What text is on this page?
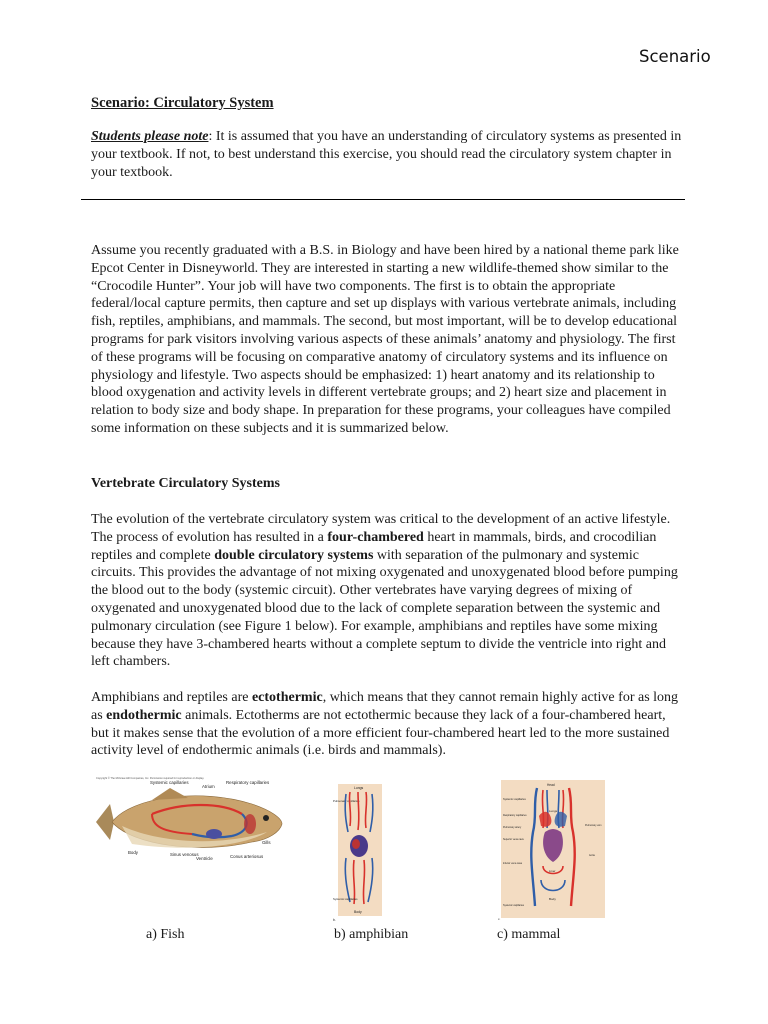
Scenario
Scenario: Circulatory System
Students please note: It is assumed that you have an understanding of circulatory systems as presented in your textbook. If not, to best understand this exercise, you should read the circulatory system chapter in your textbook.
Assume you recently graduated with a B.S. in Biology and have been hired by a national theme park like Epcot Center in Disneyworld. They are interested in starting a new wildlife-themed show similar to the “Crocodile Hunter”. Your job will have two components. The first is to obtain the appropriate federal/local capture permits, then capture and set up displays with various vertebrate animals, including fish, reptiles, amphibians, and mammals. The second, but most important, will be to develop educational programs for park visitors involving various aspects of these animals’ anatomy and physiology. The first of these programs will be focusing on comparative anatomy of circulatory systems and its influence on physiology and lifestyle. Two aspects should be emphasized: 1) heart anatomy and its relationship to blood oxygenation and activity levels in different vertebrate groups; and 2) heart size and placement in relation to body size and body shape. In preparation for these programs, your colleagues have compiled some information on these subjects and it is summarized below.
Vertebrate Circulatory Systems
The evolution of the vertebrate circulatory system was critical to the development of an active lifestyle. The process of evolution has resulted in a four-chambered heart in mammals, birds, and crocodilian reptiles and complete double circulatory systems with separation of the pulmonary and systemic circuits. This provides the advantage of not mixing oxygenated and unoxygenated blood before pumping the blood out to the body (systemic circuit). Other vertebrates have varying degrees of mixing of oxygenated and unoxygenated blood due to the lack of complete separation between the systemic and pulmonary circulation (see Figure 1 below). For example, amphibians and reptiles have some mixing because they have 3-chambered hearts without a complete septum to divide the ventricle into right and left chambers.
Amphibians and reptiles are ectothermic, which means that they cannot remain highly active for as long as endothermic animals. Ectotherms are not ectothermic because they lack of a four-chambered heart, but it makes sense that the evolution of a more efficient four-chambered heart led to the more sustained activity level of endothermic animals (i.e. birds and mammals).
Copyright © The McGraw-Hill Companies, Inc. Permission required for reproduction or display.
Systemic capillaries
Atrium
Respiratory capillaries
Gills
Body	Sinus venosus
Ventricle	Conus arteriosus
Lungs
Pulmonary capillaries
Systemic capillaries
Body
b.
Head
Systemic capillaries
Lungs
Respiratory capillaries
Pulmonary artery
Pulmonary vein
Superior vena cava
Aorta
Inferior vena cava
Liver
Body
Systemic capillaries
c.
a) Fish	b) amphibian	c) mammal
